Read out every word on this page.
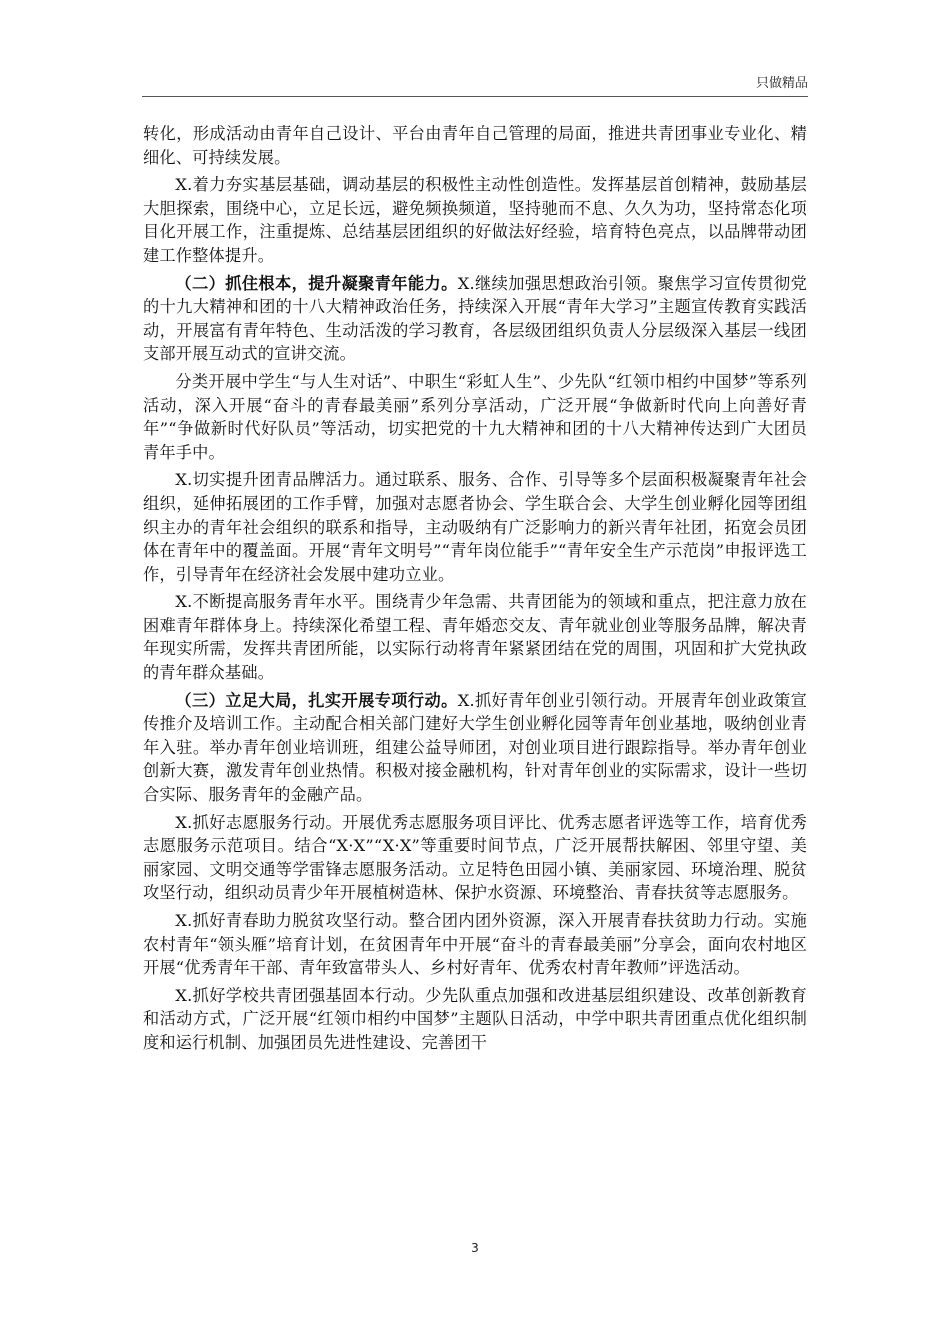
只做精品

转化，形成活动由青年自己设计、平台由青年自己管理的局面，推进共青团事业专业化、精细化、可持续发展。

X.着力夯实基层基础，调动基层的积极性主动性创造性。发挥基层首创精神，鼓励基层大胆探索，围绕中心，立足长远，避免频换频道，坚持驰而不息、久久为功，坚持常态化项目化开展工作，注重提炼、总结基层团组织的好做法好经验，培育特色亮点，以品牌带动团建工作整体提升。

（二）抓住根本，提升凝聚青年能力。X.继续加强思想政治引领。聚焦学习宣传贯彻党的十九大精神和团的十八大精神政治任务，持续深入开展“青年大学习”主题宣传教育实践活动，开展富有青年特色、生动活泼的学习教育，各层级团组织负责人分层级深入基层一线团支部开展互动式的宣讲交流。

分类开展中学生“与人生对话”、中职生“彩虹人生”、少先队“红领巾相约中国梦”等系列活动，深入开展“奋斗的青春最美丽”系列分享活动，广泛开展“争做新时代向上向善好青年”“争做新时代好队员”等活动，切实把党的十九大精神和团的十八大精神传达到广大团员青年手中。

X.切实提升团青品牌活力。通过联系、服务、合作、引导等多个层面积极凝聚青年社会组织，延伸拓展团的工作手臂，加强对志愿者协会、学生联合会、大学生创业孵化园等团组织主办的青年社会组织的联系和指导，主动吸纳有广泛影响力的新兴青年社团，拓宽会员团体在青年中的覆盖面。开展“青年文明号”“青年岗位能手”“青年安全生产示范岗”申报评选工作，引导青年在经济社会发展中建功立业。

X.不断提高服务青年水平。围绕青少年急需、共青团能为的领域和重点，把注意力放在困难青年群体身上。持续深化希望工程、青年婚恋交友、青年就业创业等服务品牌，解决青年现实所需，发挥共青团所能，以实际行动将青年紧紧团结在党的周围，巩固和扩大党执政的青年群众基础。

（三）立足大局，扎实开展专项行动。X.抓好青年创业引领行动。开展青年创业政策宣传推介及培训工作。主动配合相关部门建好大学生创业孵化园等青年创业基地，吸纳创业青年入驻。举办青年创业培训班，组建公益导师团，对创业项目进行跟踪指导。举办青年创业创新大赛，激发青年创业热情。积极对接金融机构，针对青年创业的实际需求，设计一些切合实际、服务青年的金融产品。

X.抓好志愿服务行动。开展优秀志愿服务项目评比、优秀志愿者评选等工作，培育优秀志愿服务示范项目。结合“X·X”“X·X”等重要时间节点，广泛开展帮扶解困、邻里守望、美丽家园、文明交通等学雷锋志愿服务活动。立足特色田园小镇、美丽家园、环境治理、脱贫攻坚行动，组织动员青少年开展植树造林、保护水资源、环境整治、青春扶贫等志愿服务。

X.抓好青春助力脱贫攻坚行动。整合团内团外资源，深入开展青春扶贫助力行动。实施农村青年“领头雁”培育计划，在贫困青年中开展“奋斗的青春最美丽”分享会，面向农村地区开展“优秀青年干部、青年致富带头人、乡村好青年、优秀农村青年教师”评选活动。

X.抓好学校共青团强基固本行动。少先队重点加强和改进基层组织建设、改革创新教育和活动方式，广泛开展“红领巾相约中国梦”主题队日活动，中学中职共青团重点优化组织制度和运行机制、加强团员先进性建设、完善团干

3
